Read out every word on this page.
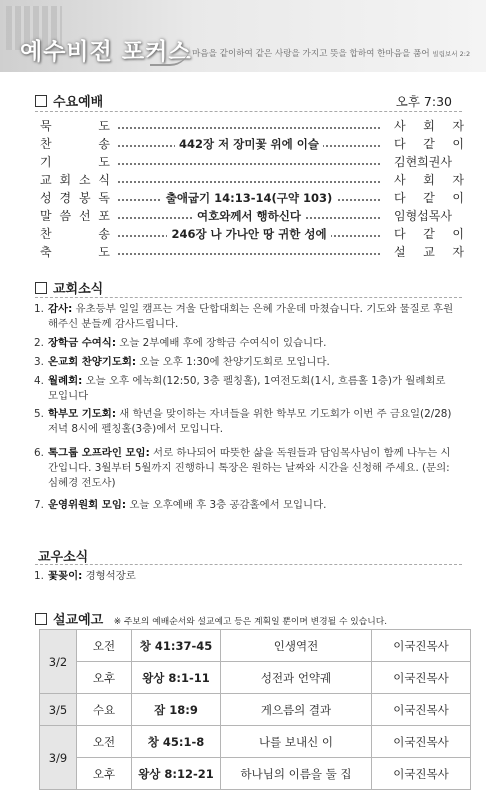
예수비전 포커스 마음을 같이하여 같은 사랑을 가지고 뜻을 합하여 한마음을 품어 빌립보서 2:2
수요예배	오후 7:30
묵	도	사 회 자
찬	송	442장 저 장미꽃 위에 이슬	다 같 이
기	도	김현희권사
교 회 소 식	사 회 자
성 경 봉 독	출애굽기 14:13-14(구약 103)	다 같 이
말 씀 선 포	여호와께서 행하신다	임형섭목사
찬	송	246장 나 가나안 땅 귀한 성에	다 같 이
축	도	설 교 자
교회소식
1. 감사: 유초등부 일일 캠프는 겨울 단합대회는 은혜 가운데 마쳤습니다. 기도와 물질로 후원해주신 분들께 감사드립니다.
2. 장학금 수여식: 오늘 2부예배 후에 장학금 수여식이 있습니다.
3. 온교회 찬양기도회: 오늘 오후 1:30에 찬양기도회로 모입니다.
4. 월례회: 오늘 오후 에녹회(12:50, 3층 펠칭홀), 1여전도회(1시, 흐름홀 1층)가 월례회로 모입니다
5. 학부모 기도회: 새 학년을 맞이하는 자녀들을 위한 학부모 기도회가 이번 주 금요일(2/28) 저녁 8시에 펠칭홀(3층)에서 모입니다.
6. 톡그룹 오프라인 모임: 서로 하나되어 따뜻한 삶을 독원들과 담임목사님이 함께 나누는 시간입니다. 3월부터 5월까지 진행하니 톡장은 원하는 날짜와 시간을 신청해 주세요. (문의: 심혜경 전도사)
7. 운영위원회 모임: 오늘 오후예배 후 3층 공감홀에서 모입니다.
교우소식
1. 꽃꽂이: 경형석장로
설교예고 ※ 주보의 예배순서와 설교예고 등은 계획일 뿐이며 변경될 수 있습니다.
3/2	오전	창 41:37-45	인생역전	이국진목사
	오후	왕상 8:1-11	성전과 언약궤	이국진목사
3/5	수요	잠 18:9	게으름의 결과	이국진목사
3/9	오전	창 45:1-8	나를 보내신 이	이국진목사
	오후	왕상 8:12-21	하나님의 이름을 둘 집	이국진목사
